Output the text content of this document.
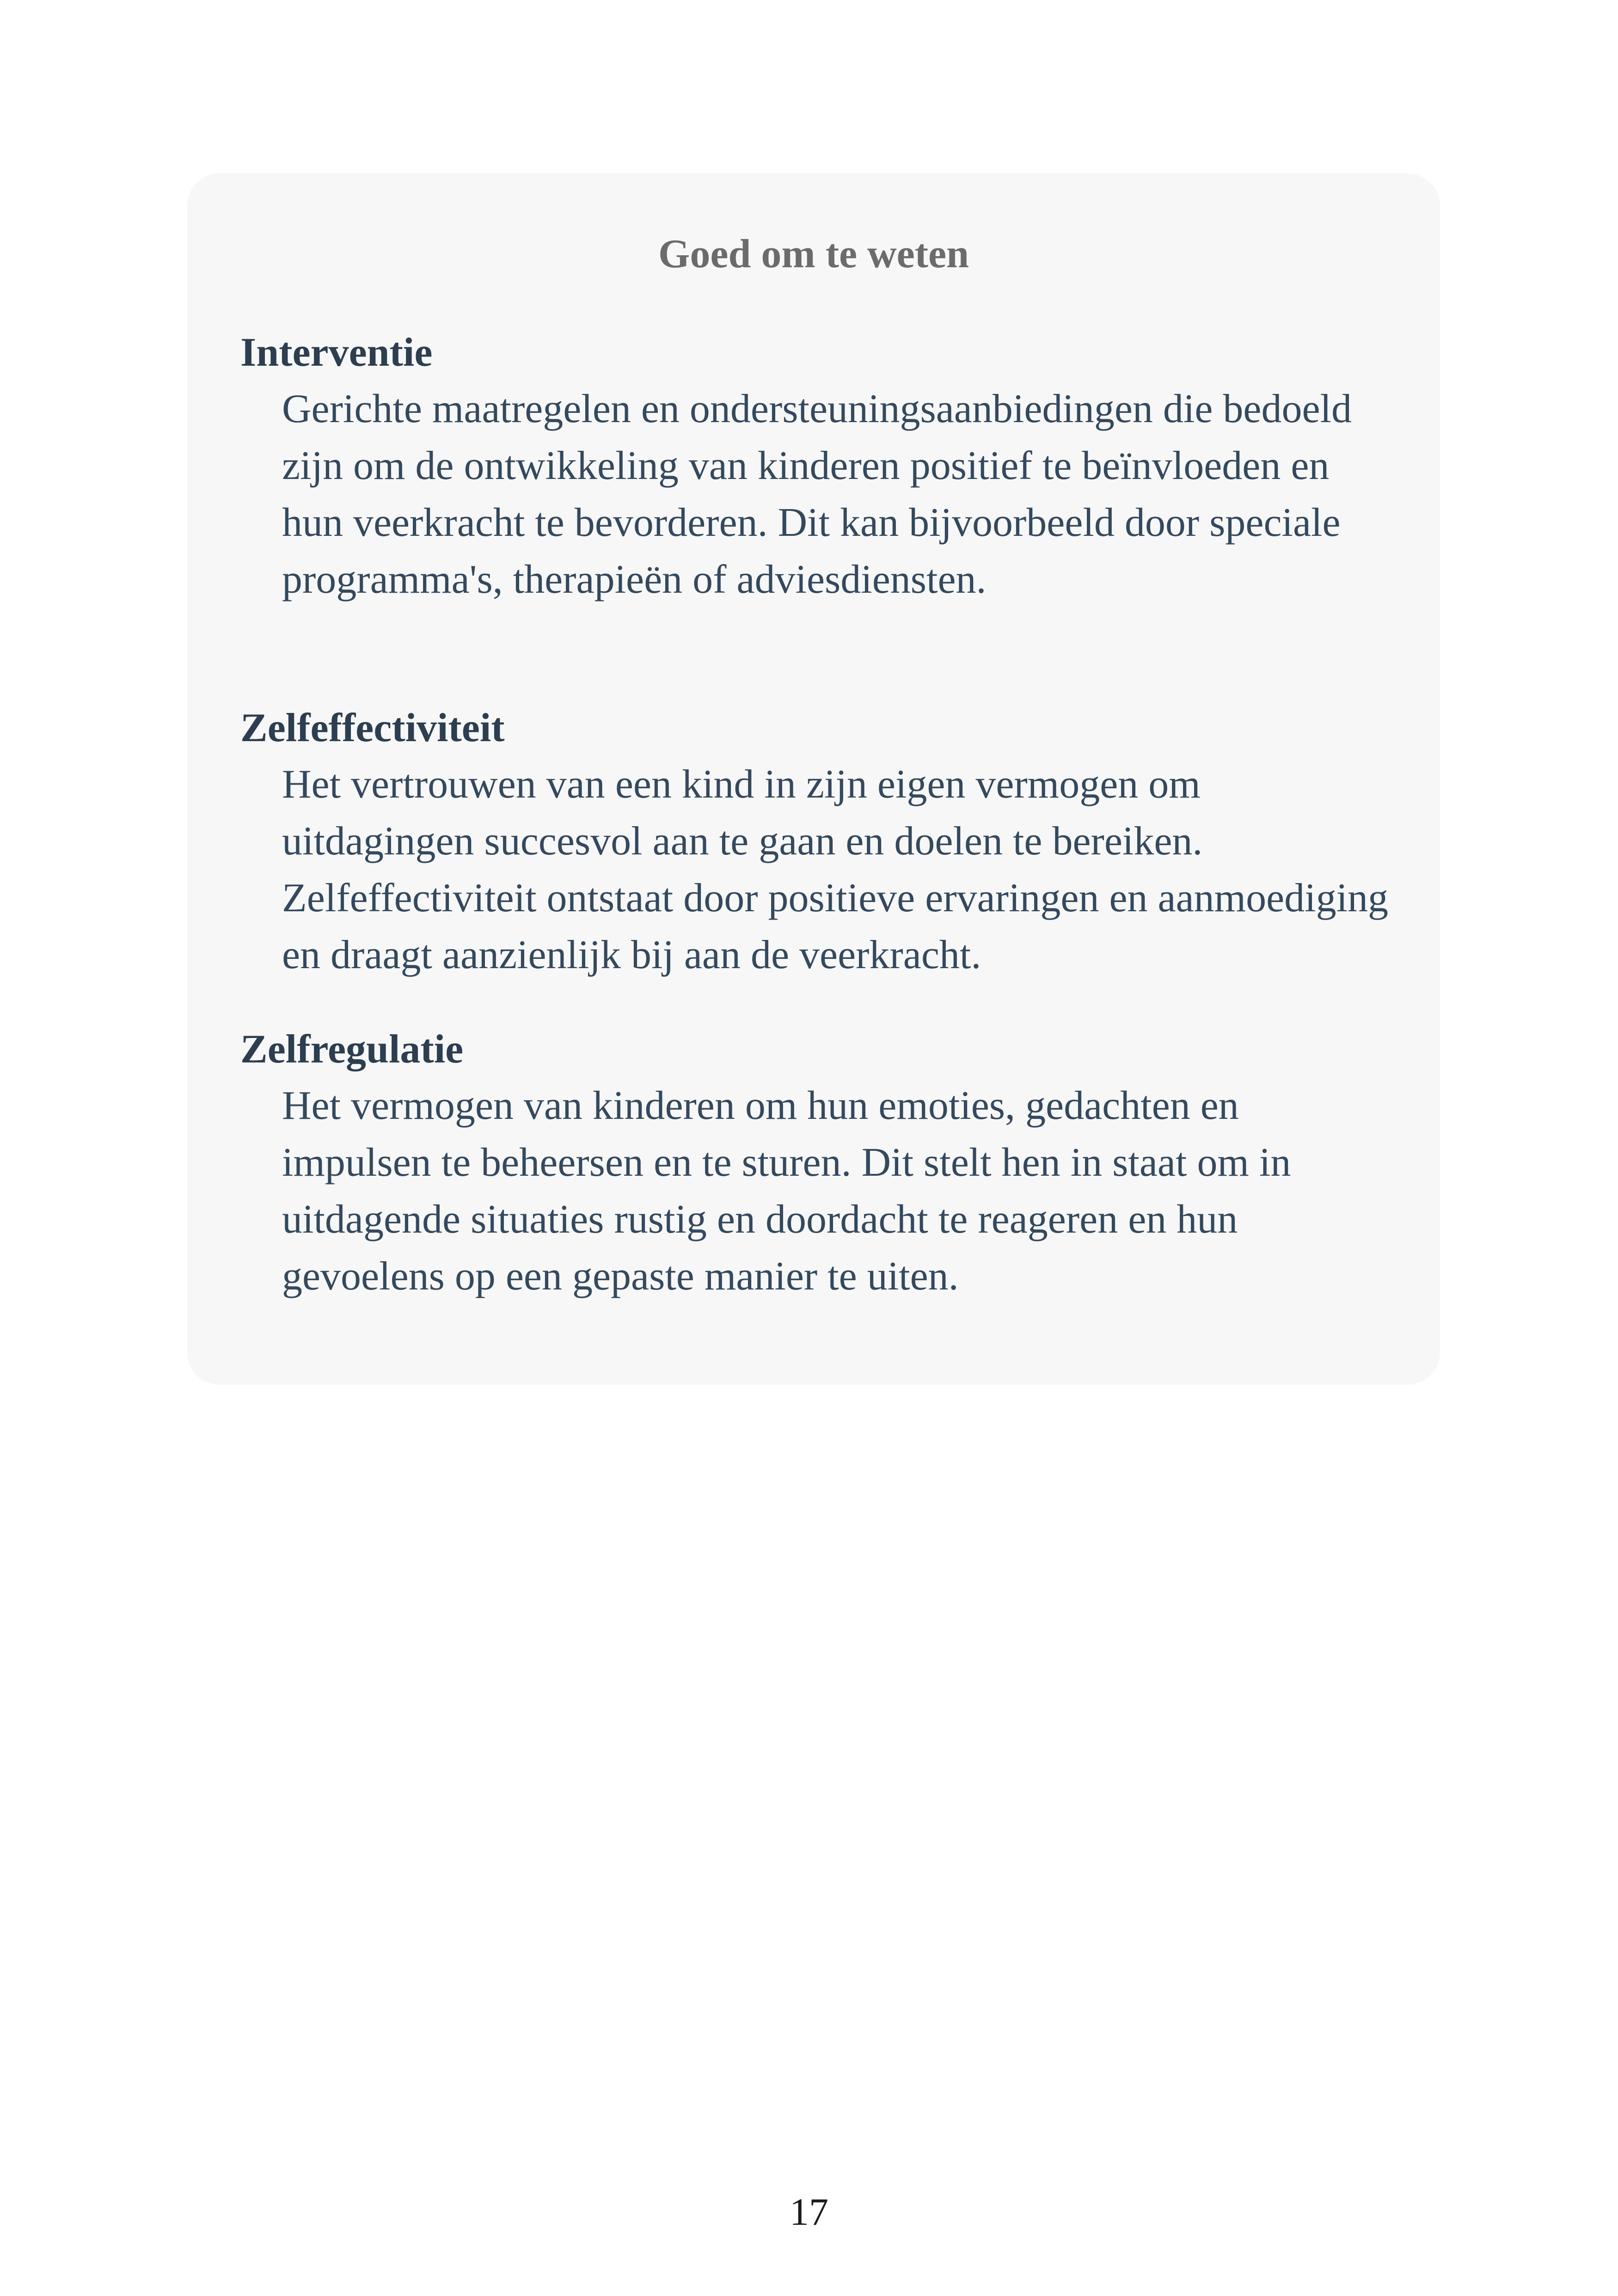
Goed om te weten
Interventie

Gerichte maatregelen en ondersteuningsaanbiedingen die bedoeld zijn om de ontwikkeling van kinderen positief te beïnvloeden en hun veerkracht te bevorderen. Dit kan bijvoorbeeld door speciale programma's, therapieën of adviesdiensten.

Zelfeffectiviteit

Het vertrouwen van een kind in zijn eigen vermogen om uitdagingen succesvol aan te gaan en doelen te bereiken. Zelfeffectiviteit ontstaat door positieve ervaringen en aanmoediging en draagt aanzienlijk bij aan de veerkracht.

Zelfregulatie

Het vermogen van kinderen om hun emoties, gedachten en impulsen te beheersen en te sturen. Dit stelt hen in staat om in uitdagende situaties rustig en doordacht te reageren en hun gevoelens op een gepaste manier te uiten.

17
